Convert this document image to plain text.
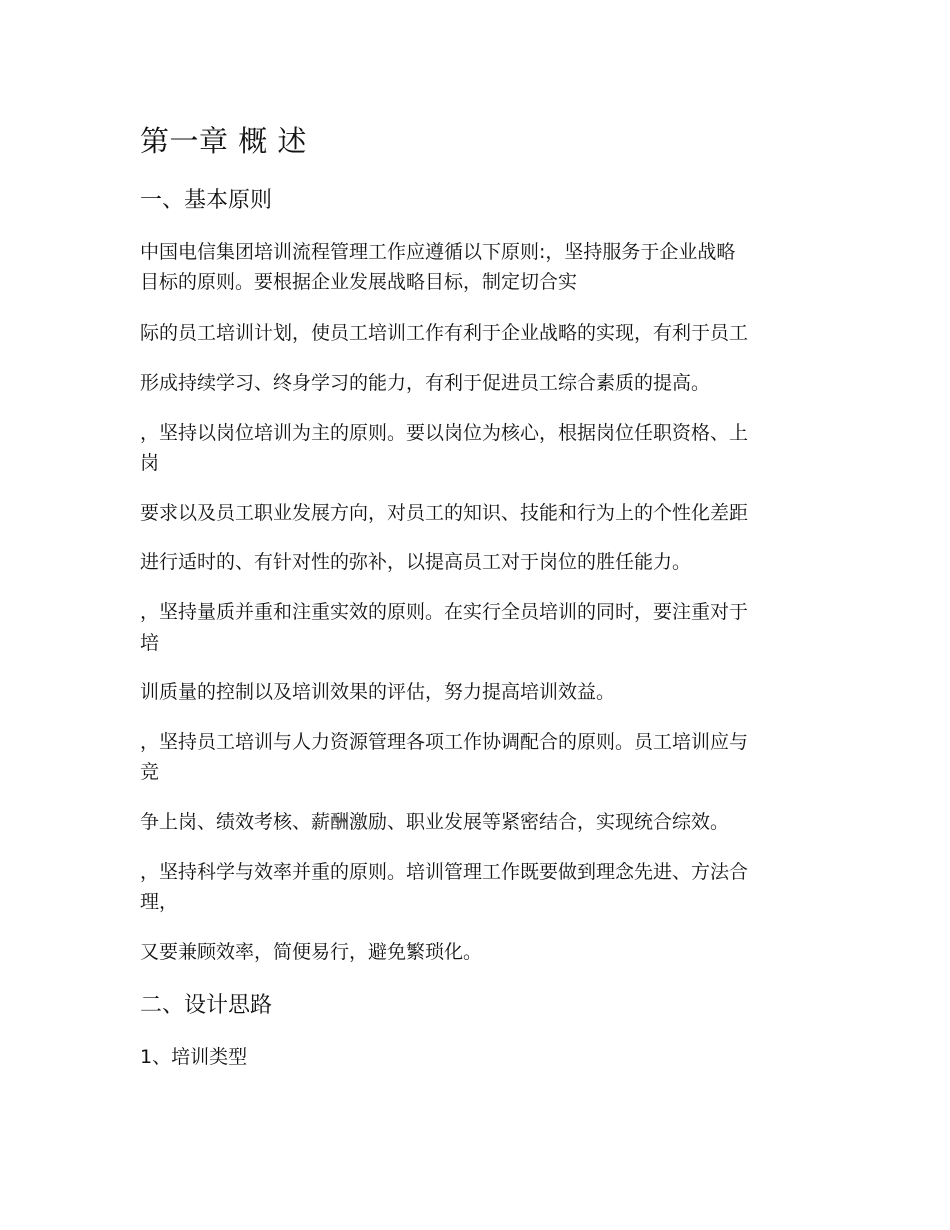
第一章 概 述
一、基本原则
中国电信集团培训流程管理工作应遵循以下原则:，坚持服务于企业战略
目标的原则。要根据企业发展战略目标，制定切合实
际的员工培训计划，使员工培训工作有利于企业战略的实现，有利于员工
形成持续学习、终身学习的能力，有利于促进员工综合素质的提高。
，坚持以岗位培训为主的原则。要以岗位为核心，根据岗位任职资格、上
岗
要求以及员工职业发展方向，对员工的知识、技能和行为上的个性化差距
进行适时的、有针对性的弥补，以提高员工对于岗位的胜任能力。
，坚持量质并重和注重实效的原则。在实行全员培训的同时，要注重对于
培
训质量的控制以及培训效果的评估，努力提高培训效益。
，坚持员工培训与人力资源管理各项工作协调配合的原则。员工培训应与
竞
争上岗、绩效考核、薪酬激励、职业发展等紧密结合，实现统合综效。
，坚持科学与效率并重的原则。培训管理工作既要做到理念先进、方法合
理，
又要兼顾效率，简便易行，避免繁琐化。
二、设计思路
1、培训类型
